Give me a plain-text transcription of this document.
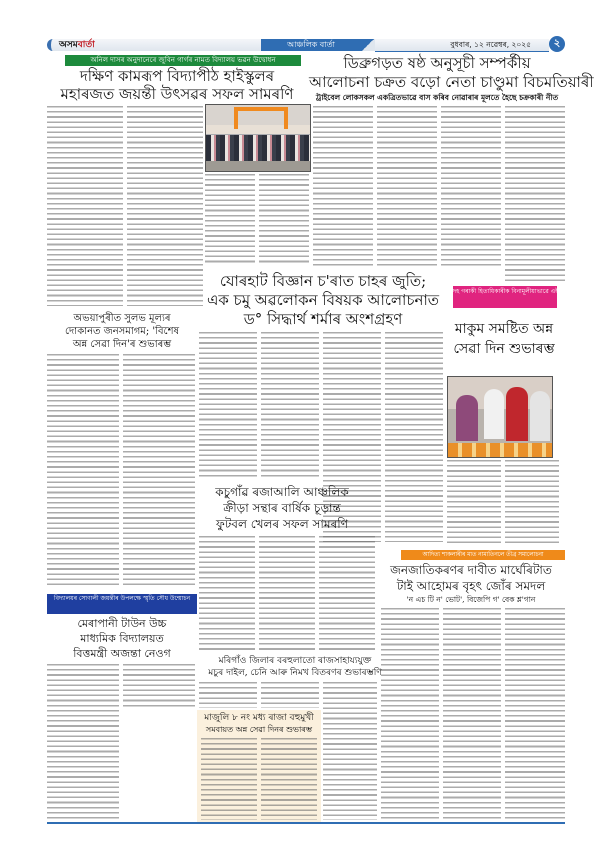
অসমবাৰ্তা	আঞ্চলিক বাৰ্তা	বুধবাৰ, ১২ নৱেম্বৰ, ২০২৫	২
অনিল দাসৰ অনুদানেৰে জুবিন গাৰ্গৰ নামত বিদ্যালয় ভৱন উদ্বোধন
দক্ষিণ কামৰূপ বিদ্যাপীঠ হাইস্কুলৰ
মহাৰজত জয়ন্তী উৎসৱৰ সফল সামৰণি
ডিব্ৰুগড়ত ষষ্ঠ অনুসূচী সম্পৰ্কীয়
আলোচনা চক্ৰত বড়ো নেতা চাণ্ডুমা বিচমতিয়াৰী
ট্ৰাইবেল লোকসকল একত্ৰিতভাৱে বাস কৰিব নোৱাৰাৰ মূলতে হৈছে চক্ৰকাৰী নীত
যোৰহাট বিজ্ঞান চ'ৰাত চাহৰ জুতি;
এক চমু অৱলোকন বিষয়ক আলোচনাত
ড° সিদ্ধাৰ্থ শৰ্মাৰ অংশগ্ৰহণ
অভয়াপুৰীত সুলভ মূল্যৰ
দোকানত জনসমাগম; 'বিশেষ
অন্ন সেৱা দিন'ৰ শুভাৰম্ভ
দহ গৰাকী হিতাধিকাৰীক বিনামূলীয়াভাৱে এই সেৱা প্ৰদান
মাকুম সমষ্টিত অন্ন
সেৱা দিন শুভাৰম্ভ
কচুগাঁৱ ৰজাআলি আঞ্চলিক
ক্ৰীড়া সন্থাৰ বাৰ্ষিক চূড়ান্ত
ফুটবল খেলৰ সফল সামৰণি
বিদ্যালয়ৰ সোণালী জয়ন্তীৰ উপলক্ষে স্মৃতি সৌধ উন্মোচন
মেৰাপানী টাউন উচ্চ
মাধ্যমিক বিদ্যালয়ত
বিত্তমন্ত্ৰী অজন্তা নেওগ
আদিত্য শাকলাৰীৰ মাত নামাতিনলে তীব্ৰ সমালোচনা
জনজাতিকৰণৰ দাবীত মাৰ্ঘেৰিটাত
টাই আহোমৰ বৃহৎ জোঁৰ সমদল
'ন এচ টি ন' ভোট', বিজেপি গ' বেক শ্ল'গান
মৰিগাঁও জিলাৰ বৰহুলাতো ৰাজসাহায্যযুক্ত
মচুৰ দাইল, চেনি আৰু নিমখ বিতৰণৰ শুভাৰম্ভণি
মাজুলি ৮ নং মধ্য ৰাজা বহুমুখী
সমবায়ত অন্ন সেৱা দিনৰ শুভাৰম্ভ
